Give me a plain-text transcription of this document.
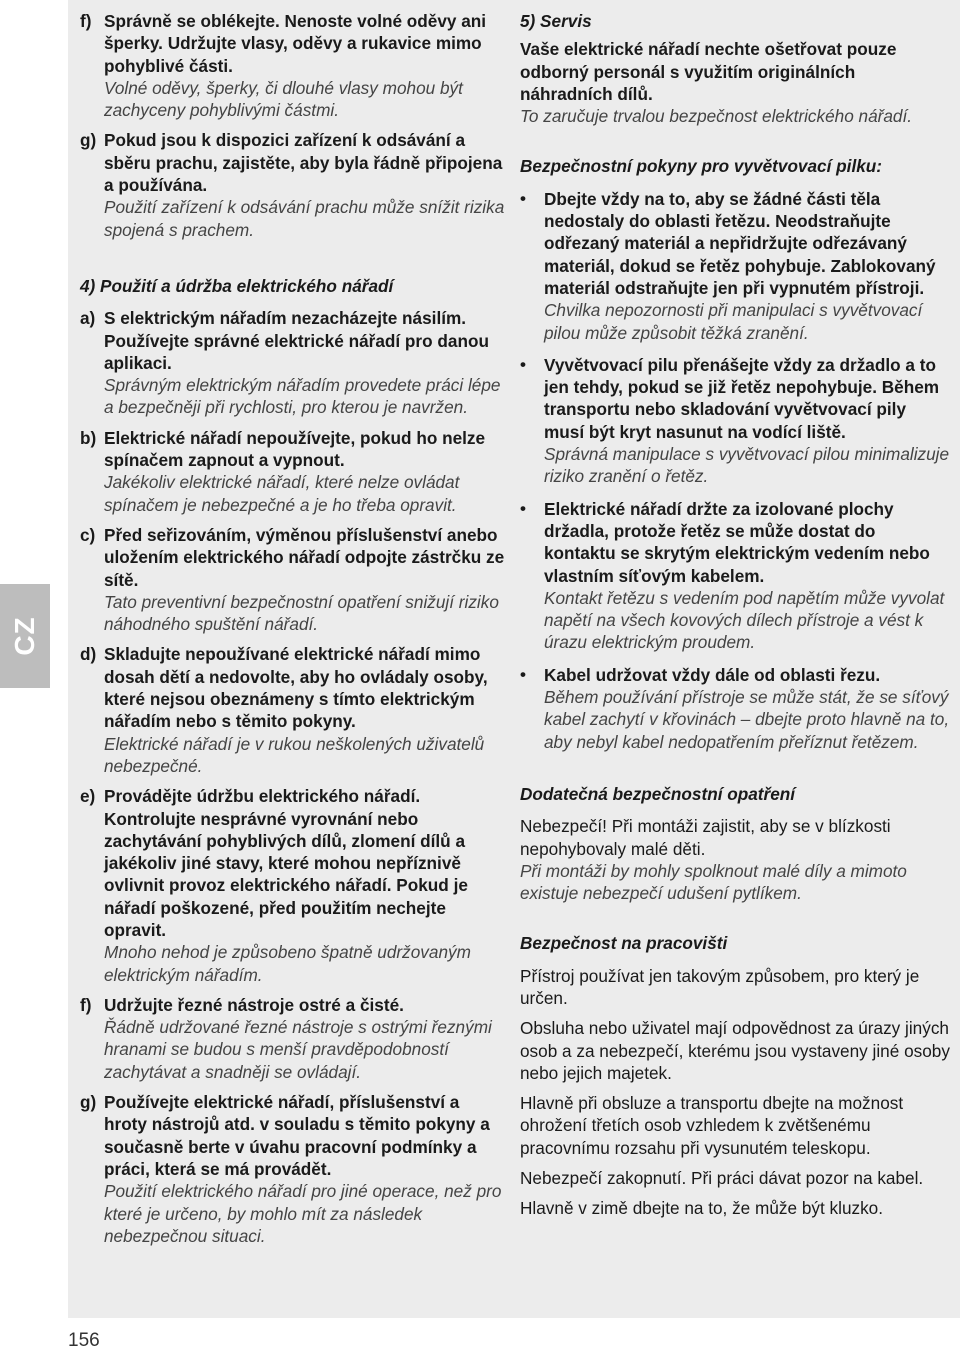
CZ
f) Správně se oblékejte. Nenoste volné oděvy ani šperky. Udržujte vlasy, oděvy a rukavice mimo pohyblivé části.
Volné oděvy, šperky, či dlouhé vlasy mohou být zachyceny pohyblivými částmi.
g) Pokud jsou k dispozici zařízení k odsávání a sběru prachu, zajistěte, aby byla řádně připojena a používána.
Použití zařízení k odsávání prachu může snížit rizika spojená s prachem.
4) Použití a údržba elektrického nářadí
a) S elektrickým nářadím nezacházejte násilím. Používejte správné elektrické nářadí pro danou aplikaci.
Správným elektrickým nářadím provedete práci lépe a bezpečněji při rychlosti, pro kterou je navržen.
b) Elektrické nářadí nepoužívejte, pokud ho nelze spínačem zapnout a vypnout.
Jakékoliv elektrické nářadí, které nelze ovládat spínačem je nebezpečné a je ho třeba opravit.
c) Před seřizováním, výměnou příslušenství anebo uložením elektrického nářadí odpojte zástrčku ze sítě.
Tato preventivní bezpečnostní opatření snižují riziko náhodného spuštění nářadí.
d) Skladujte nepoužívané elektrické nářadí mimo dosah dětí a nedovolte, aby ho ovládaly osoby, které nejsou obeznámeny s tímto elektrickým nářadím nebo s těmito pokyny.
Elektrické nářadí je v rukou neškolených uživatelů nebezpečné.
e) Provádějte údržbu elektrického nářadí. Kontrolujte nesprávné vyrovnání nebo zachytávání pohyblivých dílů, zlomení dílů a jakékoliv jiné stavy, které mohou nepříznivě ovlivnit provoz elektrického nářadí. Pokud je nářadí poškozené, před použitím nechejte opravit.
Mnoho nehod je způsobeno špatně udržovaným elektrickým nářadím.
f) Udržujte řezné nástroje ostré a čisté.
Řádně udržované řezné nástroje s ostrými řeznými hranami se budou s menší pravděpodobností zachytávat a snadněji se ovládají.
g) Používejte elektrické nářadí, příslušenství a hroty nástrojů atd. v souladu s těmito pokyny a současně berte v úvahu pracovní podmínky a práci, která se má provádět.
Použití elektrického nářadí pro jiné operace, než pro které je určeno, by mohlo mít za následek nebezpečnou situaci.
5) Servis
Vaše elektrické nářadí nechte ošetřovat pouze odborný personál s využitím originálních náhradních dílů.
To zaručuje trvalou bezpečnost elektrického nářadí.
Bezpečnostní pokyny pro vyvětvovací pilku:
•	Dbejte vždy na to, aby se žádné části těla nedostaly do oblasti řetězu. Neodstraňujte odřezaný materiál a nepřidržujte odřezávaný materiál, dokud se řetěz pohybuje. Zablokovaný materiál odstraňujte jen při vypnutém přístroji.
Chvilka nepozornosti při manipulaci s vyvětvovací pilou může způsobit těžká zranění.
•	Vyvětvovací pilu přenášejte vždy za držadlo a to jen tehdy, pokud se již řetěz nepohybuje. Během transportu nebo skladování vyvětvovací pily musí být kryt nasunut na vodící liště.
Správná manipulace s vyvětvovací pilou minimalizuje riziko zranění o řetěz.
•	Elektrické nářadí držte za izolované plochy držadla, protože řetěz se může dostat do kontaktu se skrytým elektrickým vedením nebo vlastním síťovým kabelem.
Kontakt řetězu s vedením pod napětím může vyvolat napětí na všech kovových dílech přístroje a vést k úrazu elektrickým proudem.
•	Kabel udržovat vždy dále od oblasti řezu.
Během používání přístroje se může stát, že se síťový kabel zachytí v křovinách – dbejte proto hlavně na to, aby nebyl kabel nedopatřením přeříznut řetězem.
Dodatečná bezpečnostní opatření
Nebezpečí! Při montáži zajistit, aby se v blízkosti nepohybovaly malé děti.
Při montáži by mohly spolknout malé díly a mimoto existuje nebezpečí udušení pytlíkem.
Bezpečnost na pracovišti
Přístroj používat jen takovým způsobem, pro který je určen.
Obsluha nebo uživatel mají odpovědnost za úrazy jiných osob a za nebezpečí, kterému jsou vystaveny jiné osoby nebo jejich majetek.
Hlavně při obsluze a transportu dbejte na možnost ohrožení třetích osob vzhledem k zvětšenému pracovnímu rozsahu při vysunutém teleskopu.
Nebezpečí zakopnutí. Při práci dávat pozor na kabel.
Hlavně v zimě dbejte na to, že může být kluzko.
156
